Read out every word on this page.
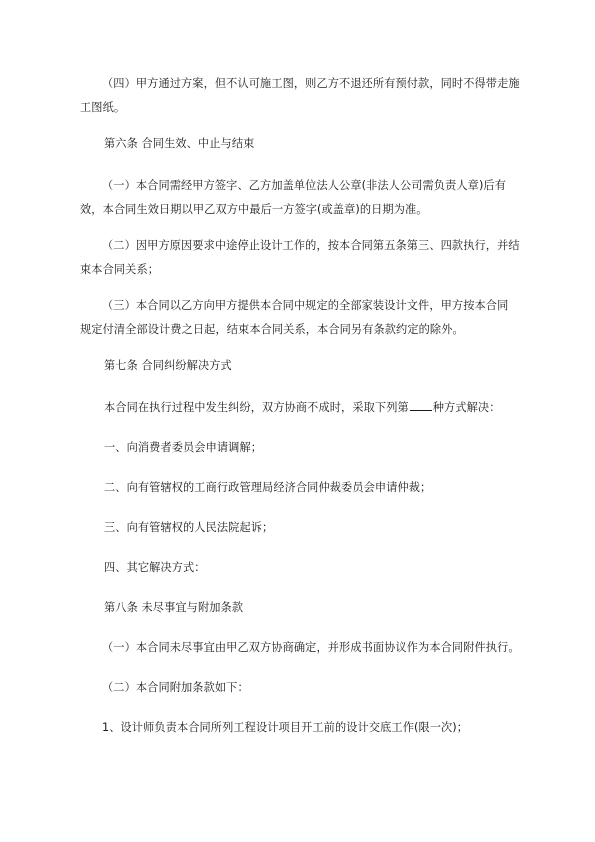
（四）甲方通过方案，但不认可施工图，则乙方不退还所有预付款，同时不得带走施
工图纸。
第六条 合同生效、中止与结束
（一）本合同需经甲方签字、乙方加盖单位法人公章(非法人公司需负责人章)后有
效，本合同生效日期以甲乙双方中最后一方签字(或盖章)的日期为准。
（二）因甲方原因要求中途停止设计工作的，按本合同第五条第三、四款执行，并结
束本合同关系；
（三）本合同以乙方向甲方提供本合同中规定的全部家装设计文件，甲方按本合同
规定付清全部设计费之日起，结束本合同关系，本合同另有条款约定的除外。
第七条 合同纠纷解决方式
本合同在执行过程中发生纠纷，双方协商不成时，采取下列第 种方式解决：
一、向消费者委员会申请调解；
二、向有管辖权的工商行政管理局经济合同仲裁委员会申请仲裁；
三、向有管辖权的人民法院起诉；
四、其它解决方式：
第八条 未尽事宜与附加条款
（一）本合同未尽事宜由甲乙双方协商确定，并形成书面协议作为本合同附件执行。
（二）本合同附加条款如下：
1、设计师负责本合同所列工程设计项目开工前的设计交底工作(限一次)；
